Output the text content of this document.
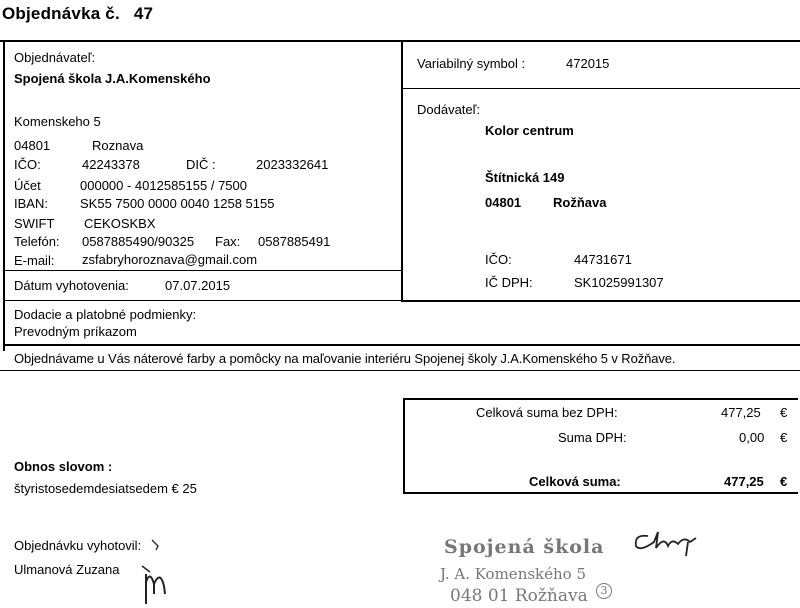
Objednávka č. 47
Objednávateľ:
Spojená škola J.A.Komenského
Komenskeho 5
04801	Roznava
IČO:	42243378	DIČ :	2023332641
Účet	000000 - 4012585155 / 7500
IBAN: SK55 7500 0000 0040 1258 5155
SWIFT CEKOSKBX
Telefón: 0587885490/90325 Fax: 0587885491
E-mail: zsfabryhoroznava@gmail.com
Dátum vyhotovenia:	07.07.2015
Variabilný symbol :	472015
Dodávateľ:
Kolor centrum
Štítnická 149
04801 Rožňava
IČO:	44731671
IČ DPH:	SK1025991307
Dodacie a platobné podmienky:
Prevodným príkazom
Objednávame u Vás náterové farby a pomôcky na maľovanie interiéru Spojenej školy J.A.Komenského 5 v Rožňave.
Celková suma bez DPH:	477,25 €
Suma DPH:	0,00 €
Celková suma:	477,25 €
Obnos slovom :
štyristosedemdesiatsedem € 25
Objednávku vyhotovil:
Ulmanová Zuzana
Spojená škola
J. A. Komenského 5
048 01 Rožňava	3
